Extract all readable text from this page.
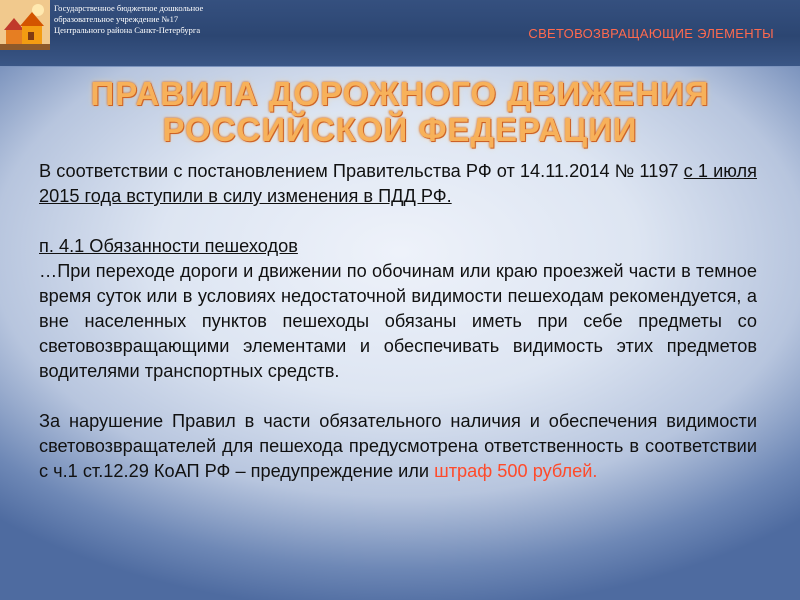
Государственное бюджетное дошкольное образовательное учреждение №17 Центрального района Санкт-Петербурга	СВЕТОВОЗВРАЩАЮЩИЕ ЭЛЕМЕНТЫ
ПРАВИЛА ДОРОЖНОГО ДВИЖЕНИЯ
РОССИЙСКОЙ ФЕДЕРАЦИИ

В соответствии с постановлением Правительства РФ от 14.11.2014 № 1197 с 1 июля 2015 года вступили в силу изменения в ПДД РФ.

п. 4.1 Обязанности пешеходов

…При переходе дороги и движении по обочинам или краю проезжей части в темное время суток или в условиях недостаточной видимости пешеходам рекомендуется, а вне населенных пунктов пешеходы обязаны иметь при себе предметы со световозвращающими элементами и обеспечивать видимость этих предметов водителями транспортных средств.

За нарушение Правил в части обязательного наличия и обеспечения видимости световозвращателей для пешехода предусмотрена ответственность в соответствии с ч.1 ст.12.29 КоАП РФ – предупреждение или штраф 500 рублей.
